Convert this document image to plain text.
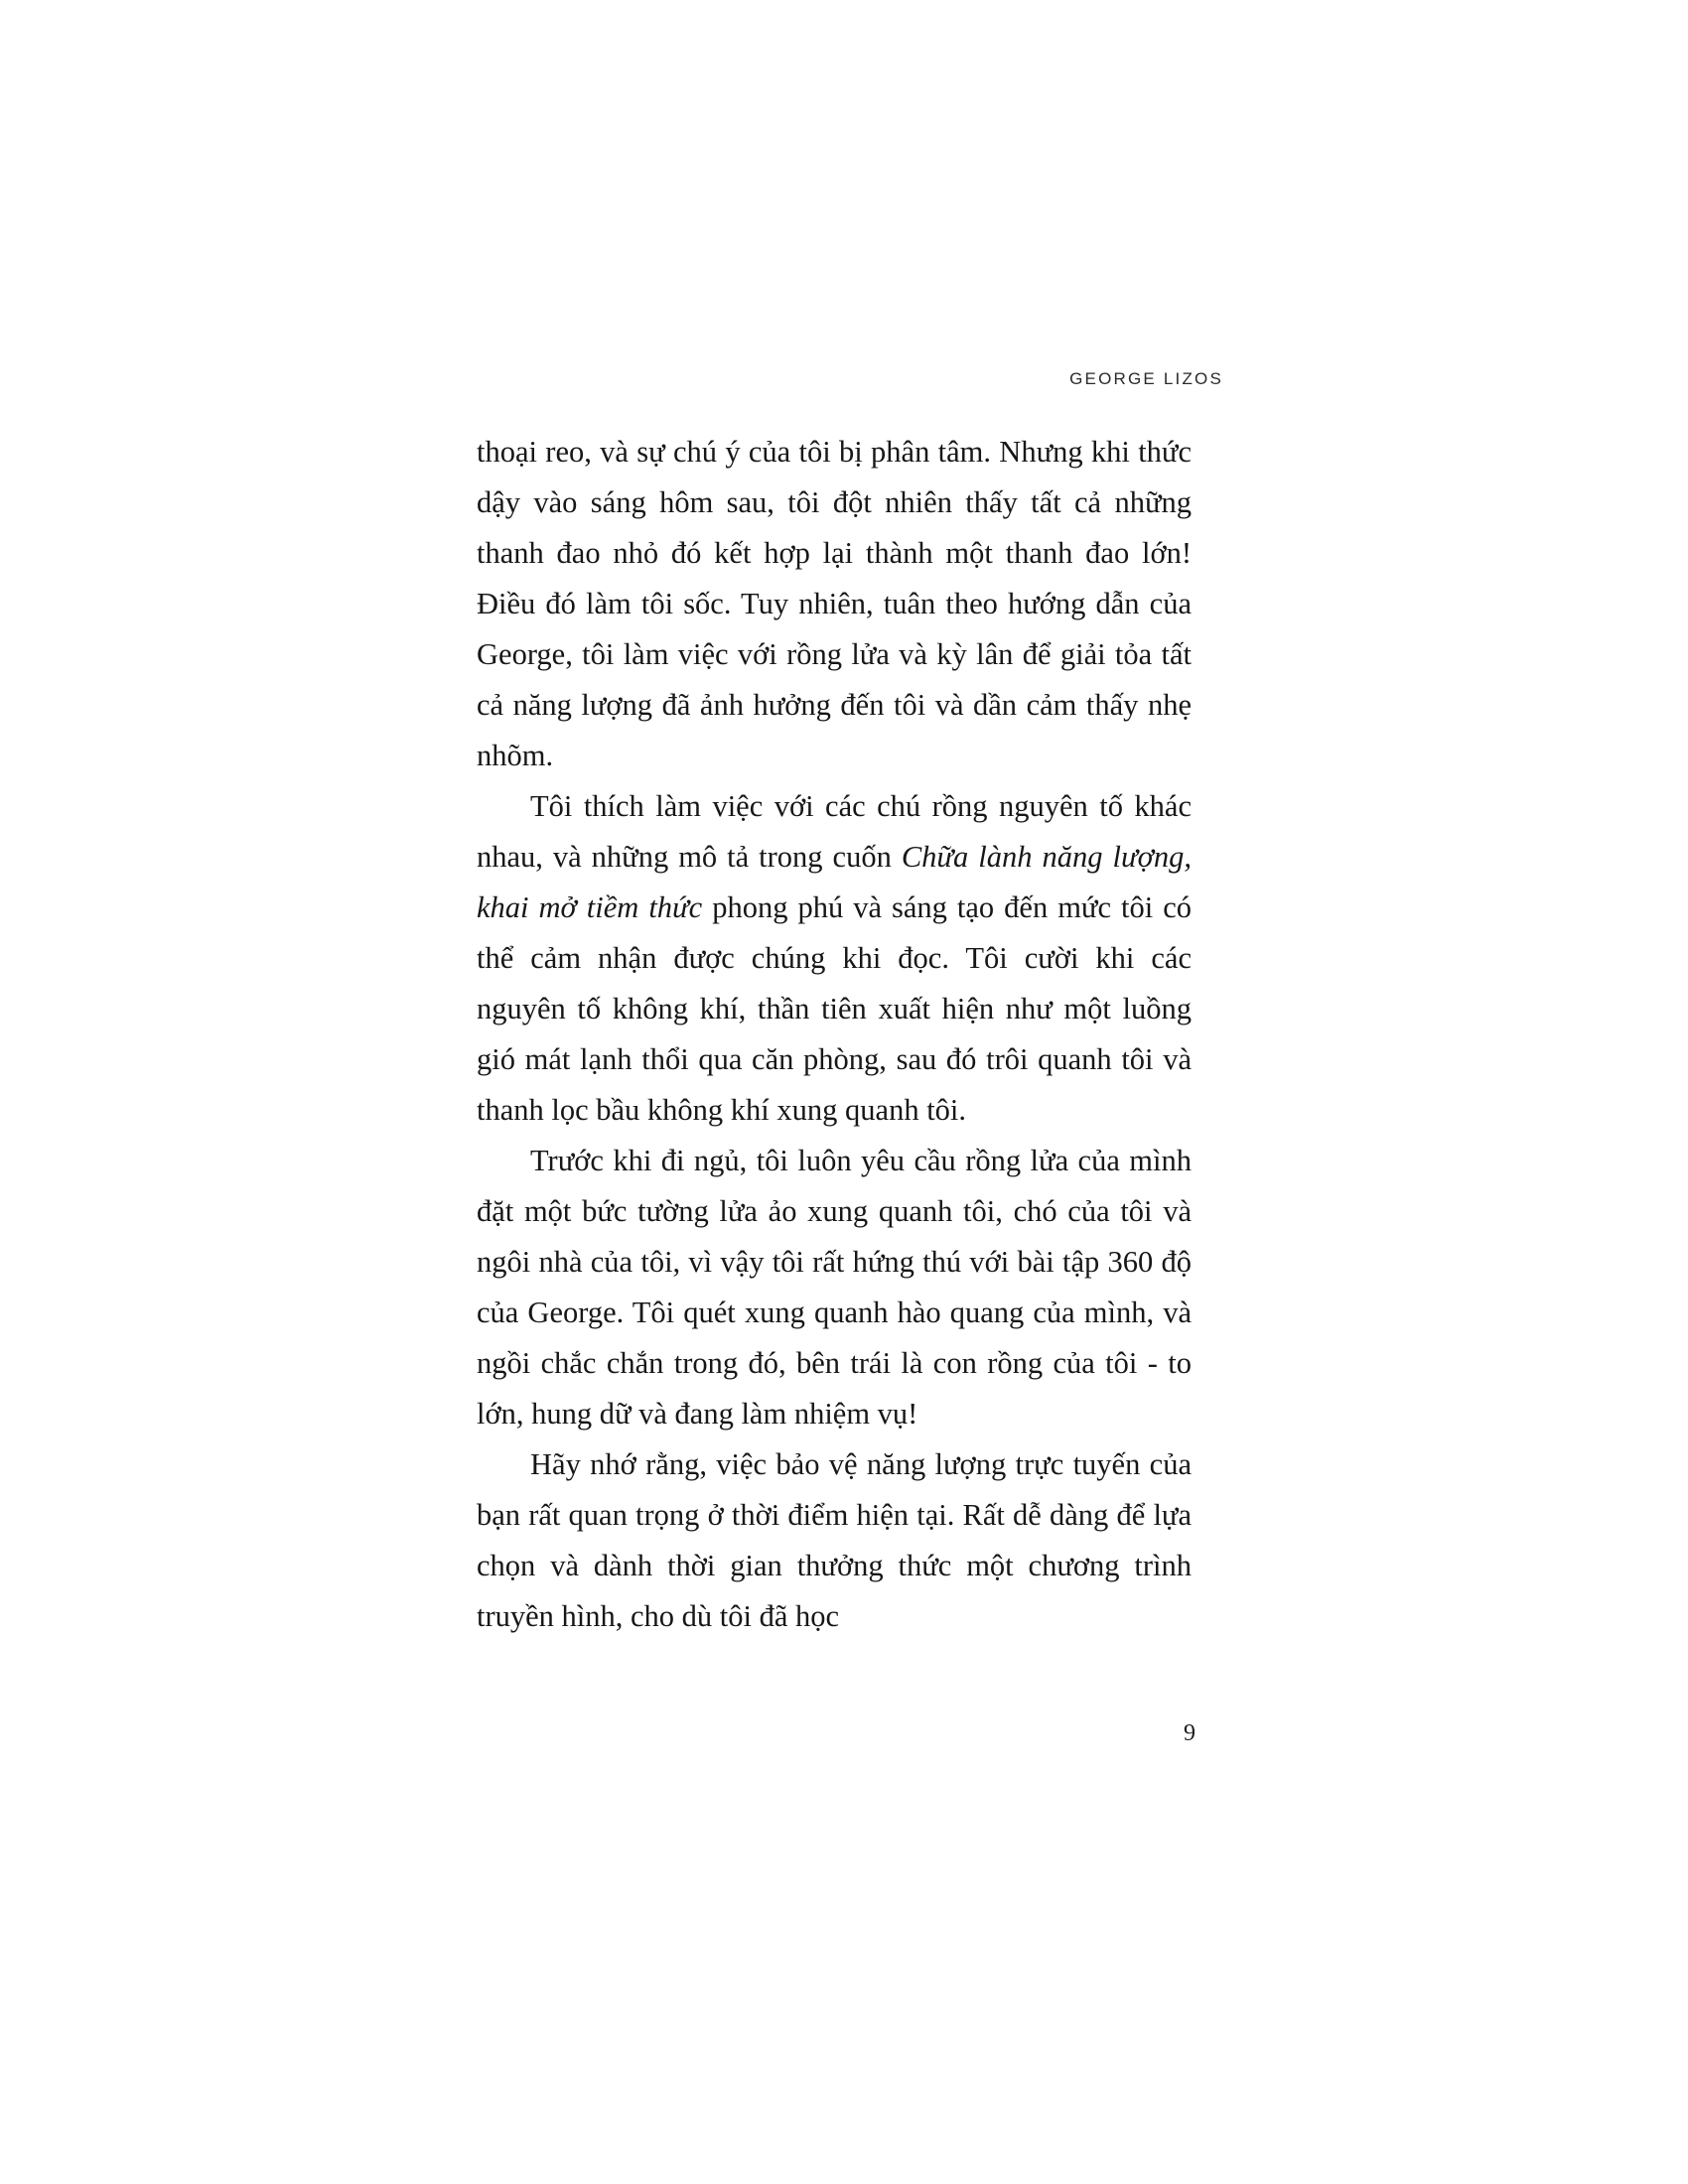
GEORGE LIZOS
thoại reo, và sự chú ý của tôi bị phân tâm. Nhưng khi thức dậy vào sáng hôm sau, tôi đột nhiên thấy tất cả những thanh đao nhỏ đó kết hợp lại thành một thanh đao lớn! Điều đó làm tôi sốc. Tuy nhiên, tuân theo hướng dẫn của George, tôi làm việc với rồng lửa và kỳ lân để giải tỏa tất cả năng lượng đã ảnh hưởng đến tôi và dần cảm thấy nhẹ nhõm.
Tôi thích làm việc với các chú rồng nguyên tố khác nhau, và những mô tả trong cuốn Chữa lành năng lượng, khai mở tiềm thức phong phú và sáng tạo đến mức tôi có thể cảm nhận được chúng khi đọc. Tôi cười khi các nguyên tố không khí, thần tiên xuất hiện như một luồng gió mát lạnh thổi qua căn phòng, sau đó trôi quanh tôi và thanh lọc bầu không khí xung quanh tôi.
Trước khi đi ngủ, tôi luôn yêu cầu rồng lửa của mình đặt một bức tường lửa ảo xung quanh tôi, chó của tôi và ngôi nhà của tôi, vì vậy tôi rất hứng thú với bài tập 360 độ của George. Tôi quét xung quanh hào quang của mình, và ngồi chắc chắn trong đó, bên trái là con rồng của tôi - to lớn, hung dữ và đang làm nhiệm vụ!
Hãy nhớ rằng, việc bảo vệ năng lượng trực tuyến của bạn rất quan trọng ở thời điểm hiện tại. Rất dễ dàng để lựa chọn và dành thời gian thưởng thức một chương trình truyền hình, cho dù tôi đã học
9
